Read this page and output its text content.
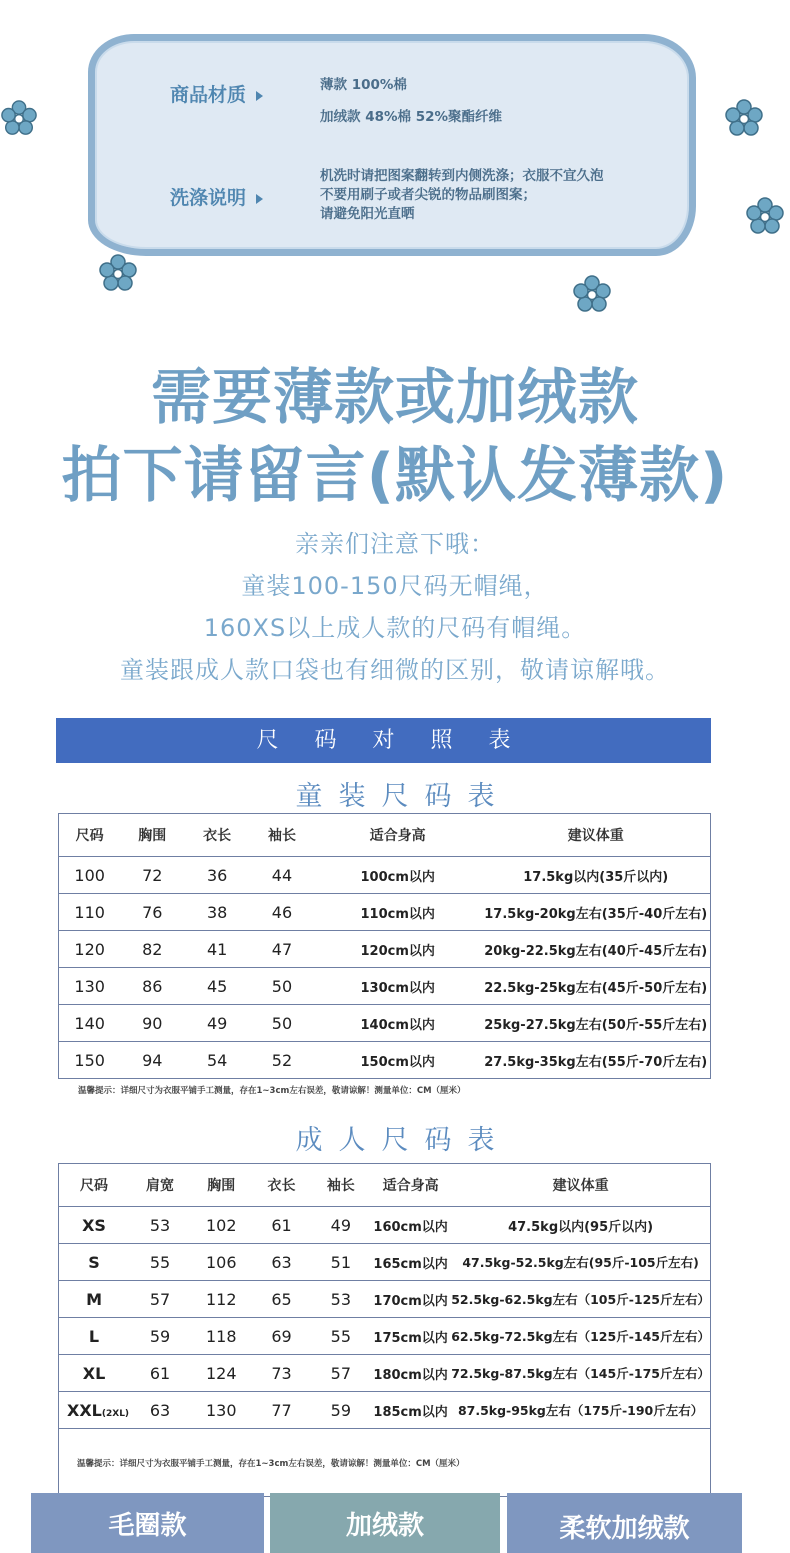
商品材质	薄款 100%棉
加绒款 48%棉 52%聚酯纤维
洗涤说明
机洗时请把图案翻转到内侧洗涤；衣服不宜久泡
不要用刷子或者尖锐的物品刷图案；
请避免阳光直晒
需要薄款或加绒款
拍下请留言(默认发薄款)
亲亲们注意下哦：
童装100-150尺码无帽绳，
160XS以上成人款的尺码有帽绳。
童装跟成人款口袋也有细微的区别，敬请谅解哦。
尺码对照表
童装尺码表
尺码	胸围	衣长	袖长	适合身高	建议体重
100	72	36	44	100cm以内	17.5kg以内(35斤以内)
110	76	38	46	110cm以内	17.5kg-20kg左右(35斤-40斤左右)
120	82	41	47	120cm以内	20kg-22.5kg左右(40斤-45斤左右)
130	86	45	50	130cm以内	22.5kg-25kg左右(45斤-50斤左右)
140	90	49	50	140cm以内	25kg-27.5kg左右(50斤-55斤左右)
150	94	54	52	150cm以内	27.5kg-35kg左右(55斤-70斤左右)
温馨提示：详细尺寸为衣服平铺手工测量，存在1~3cm左右误差，敬请谅解！测量单位：CM（厘米）
成人尺码表
尺码	肩宽	胸围	衣长	袖长	适合身高	建议体重
XS	53	102	61	49	160cm以内	47.5kg以内(95斤以内)
S	55	106	63	51	165cm以内	47.5kg-52.5kg左右(95斤-105斤左右)
M	57	112	65	53	170cm以内	52.5kg-62.5kg左右（105斤-125斤左右）
L	59	118	69	55	175cm以内	62.5kg-72.5kg左右（125斤-145斤左右）
XL	61	124	73	57	180cm以内	72.5kg-87.5kg左右（145斤-175斤左右）
XXL(2XL)	63	130	77	59	185cm以内	87.5kg-95kg左右（175斤-190斤左右）
温馨提示：详细尺寸为衣服平铺手工测量，存在1~3cm左右误差，敬请谅解！测量单位：CM（厘米）						
毛圈款	加绒款	柔软加绒款
